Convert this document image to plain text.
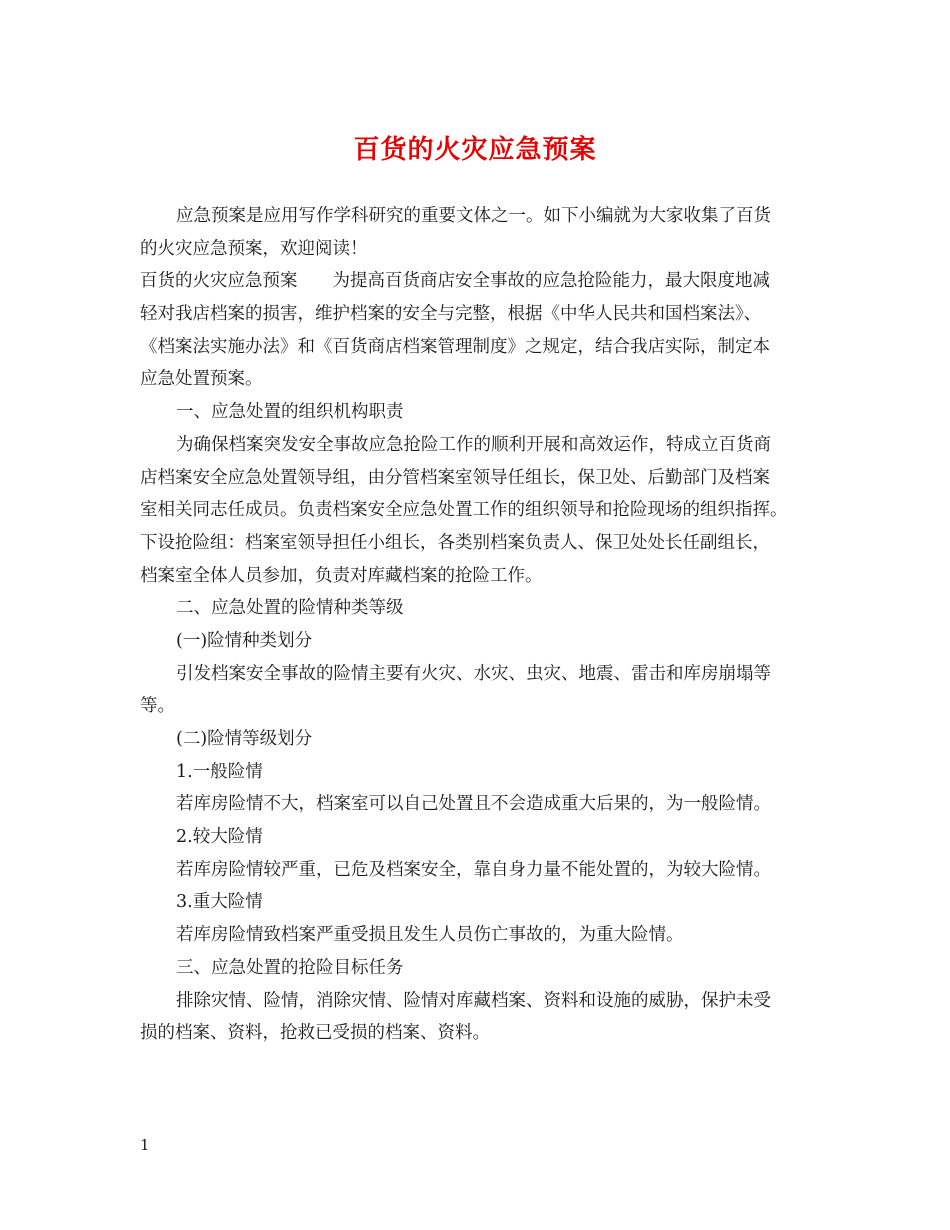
百货的火灾应急预案
应急预案是应用写作学科研究的重要文体之一。如下小编就为大家收集了百货
的火灾应急预案，欢迎阅读！
百货的火灾应急预案　　为提高百货商店安全事故的应急抢险能力，最大限度地减
轻对我店档案的损害，维护档案的安全与完整，根据《中华人民共和国档案法》、
《档案法实施办法》和《百货商店档案管理制度》之规定，结合我店实际，制定本
应急处置预案。
一、应急处置的组织机构职责
为确保档案突发安全事故应急抢险工作的顺利开展和高效运作，特成立百货商
店档案安全应急处置领导组，由分管档案室领导任组长，保卫处、后勤部门及档案
室相关同志任成员。负责档案安全应急处置工作的组织领导和抢险现场的组织指挥。
下设抢险组：档案室领导担任小组长，各类别档案负责人、保卫处处长任副组长，
档案室全体人员参加，负责对库藏档案的抢险工作。
二、应急处置的险情种类等级
(一)险情种类划分
引发档案安全事故的险情主要有火灾、水灾、虫灾、地震、雷击和库房崩塌等
等。
(二)险情等级划分
1.一般险情
若库房险情不大，档案室可以自己处置且不会造成重大后果的，为一般险情。
2.较大险情
若库房险情较严重，已危及档案安全，靠自身力量不能处置的，为较大险情。
3.重大险情
若库房险情致档案严重受损且发生人员伤亡事故的，为重大险情。
三、应急处置的抢险目标任务
排除灾情、险情，消除灾情、险情对库藏档案、资料和设施的威胁，保护未受
损的档案、资料，抢救已受损的档案、资料。
1
